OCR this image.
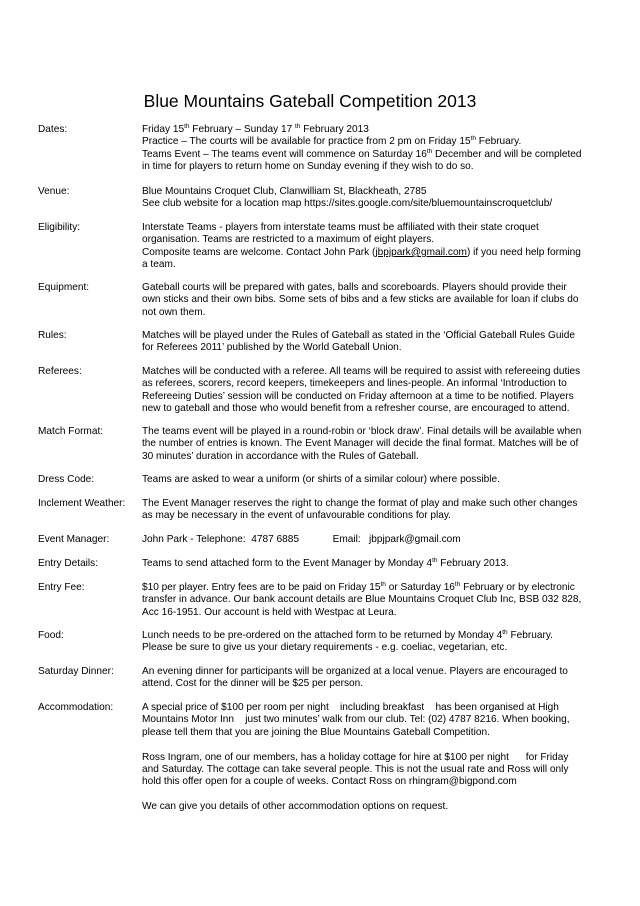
Blue Mountains Gateball Competition 2013
Dates:	Friday 15th February – Sunday 17 $^{th}$ February 2013
Practice – The courts will be available for practice from 2 pm on Friday 15th February.
Teams Event – The teams event will commence on Saturday 16th December and will be completed
in time for players to return home on Sunday evening if they wish to do so.
Venue:	Blue Mountains Croquet Club, Clanwilliam St, Blackheath, 2785
See club website for a location map https://sites.google.com/site/bluemountainscroquetclub/
Eligibility:	Interstate Teams - players from interstate teams must be affiliated with their state croquet
organisation. Teams are restricted to a maximum of eight players.
Composite teams are welcome. Contact John Park (jbpjpark@gmail.com) if you need help forming
a team.
Equipment:	Gateball courts will be prepared with gates, balls and scoreboards. Players should provide their
own sticks and their own bibs. Some sets of bibs and a few sticks are available for loan if clubs do
not own them.
Rules:	Matches will be played under the Rules of Gateball as stated in the ‘Official Gateball Rules Guide
for Referees 2011’ published by the World Gateball Union.
Referees:	Matches will be conducted with a referee. All teams will be required to assist with refereeing duties
as referees, scorers, record keepers, timekeepers and lines-people. An informal ‘Introduction to
Refereeing Duties’ session will be conducted on Friday afternoon at a time to be notified. Players
new to gateball and those who would benefit from a refresher course, are encouraged to attend.
Match Format:	The teams event will be played in a round-robin or ‘block draw’. Final details will be available when
the number of entries is known. The Event Manager will decide the final format. Matches will be of
30 minutes’ duration in accordance with the Rules of Gateball.
Dress Code:	Teams are asked to wear a uniform (or shirts of a similar colour) where possible.
Inclement Weather:	The Event Manager reserves the right to change the format of play and make such other changes
as may be necessary in the event of unfavourable conditions for play.
Event Manager:	John Park - Telephone:  4787 6885            Email:   jbpjpark@gmail.com
Entry Details:	Teams to send attached form to the Event Manager by Monday 4th February 2013.
Entry Fee:	$10 per player. Entry fees are to be paid on Friday 15th or Saturday 16th February or by electronic
transfer in advance. Our bank account details are Blue Mountains Croquet Club Inc, BSB 032 828,
Acc 16-1951. Our account is held with Westpac at Leura.
Food:	Lunch needs to be pre-ordered on the attached form to be returned by Monday 4th February.
Please be sure to give us your dietary requirements - e.g. coeliac, vegetarian, etc.
Saturday Dinner:	An evening dinner for participants will be organized at a local venue. Players are encouraged to
attend. Cost for the dinner will be $25 per person.
Accommodation:	A special price of $100 per room per night    including breakfast    has been organised at High
Mountains Motor Inn    just two minutes’ walk from our club. Tel: (02) 4787 8216. When booking,
please tell them that you are joining the Blue Mountains Gateball Competition.
Ross Ingram, one of our members, has a holiday cottage for hire at $100 per night      for Friday
and Saturday. The cottage can take several people. This is not the usual rate and Ross will only
hold this offer open for a couple of weeks. Contact Ross on rhingram@bigpond.com
We can give you details of other accommodation options on request.
